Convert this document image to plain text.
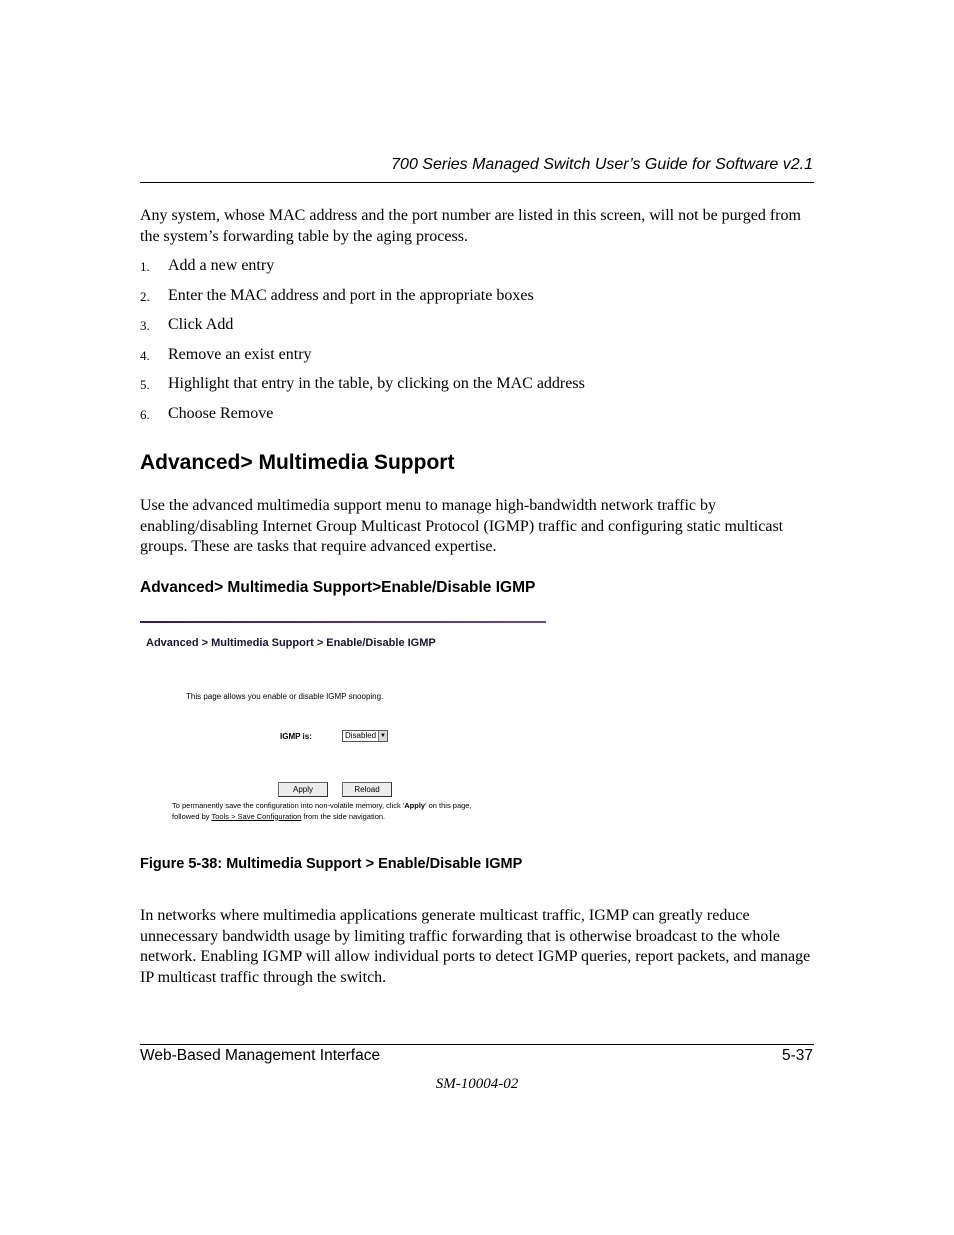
700 Series Managed Switch User’s Guide for Software v2.1
Any system, whose MAC address and the port number are listed in this screen, will not be purged from the system’s forwarding table by the aging process.
1. Add a new entry
2. Enter the MAC address and port in the appropriate boxes
3. Click Add
4. Remove an exist entry
5. Highlight that entry in the table, by clicking on the MAC address
6. Choose Remove
Advanced> Multimedia Support
Use the advanced multimedia support menu to manage high-bandwidth network traffic by enabling/disabling Internet Group Multicast Protocol (IGMP) traffic and configuring static multicast groups. These are tasks that require advanced expertise.
Advanced> Multimedia Support>Enable/Disable IGMP
Advanced > Multimedia Support > Enable/Disable IGMP
This page allows you enable or disable IGMP snooping.
IGMP is:	Disabled ▼
Apply	Reload
To permanently save the configuration into non-volatile memory, click 'Apply' on this page,
followed by Tools > Save Configuration from the side navigation.
Figure 5-38: Multimedia Support > Enable/Disable IGMP
In networks where multimedia applications generate multicast traffic, IGMP can greatly reduce unnecessary bandwidth usage by limiting traffic forwarding that is otherwise broadcast to the whole network. Enabling IGMP will allow individual ports to detect IGMP queries, report packets, and manage IP multicast traffic through the switch.
Web-Based Management Interface	5-37
SM-10004-02
